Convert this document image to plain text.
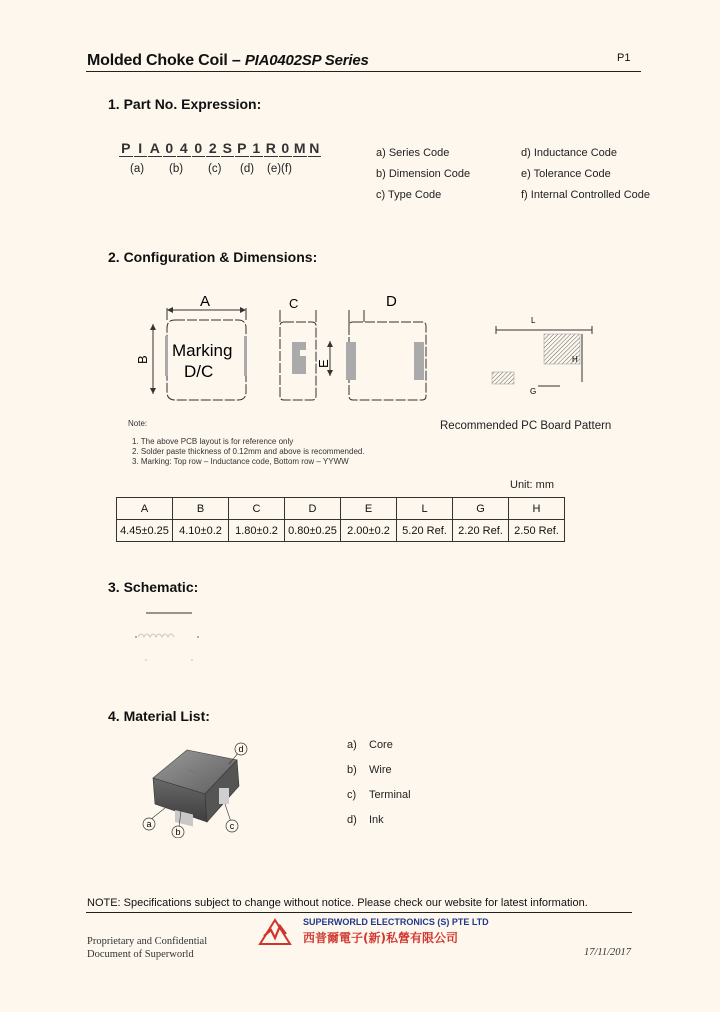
Molded Choke Coil – PIA0402SP Series	P1
1. Part No. Expression:
P I A 0 4 0 2 S P 1 R 0 M N
(a) (b) (c) (d) (e)(f)
a) Series Code
b) Dimension Code
c) Type Code
d) Inductance Code
e) Tolerance Code
f) Internal Controlled Code
2. Configuration & Dimensions:
A
B Marking
D/C
C
E
D
L
H
G
Recommended PC Board Pattern
Note:
1. The above PCB layout is for reference only
2. Solder paste thickness of 0.12mm and above is recommended.
3. Marking: Top row – Inductance code, Bottom row – YYWW
Unit: mm
A	B	C	D	E	L	G	H
4.45±0.25	4.10±0.2	1.80±0.2	0.80±0.25	2.00±0.2	5.20 Ref.	2.20 Ref.	2.50 Ref.
3. Schematic:
4. Material List:
▪▪▪▪
a
b
c
d	a) Core
b) Wire
c) Terminal
d) Ink
NOTE: Specifications subject to change without notice. Please check our website for latest information.
SUPERWORLD ELECTRONICS (S) PTE LTD
西普爾電子(新)私營有限公司
Proprietary and Confidential
Document of Superworld	17/11/2017
